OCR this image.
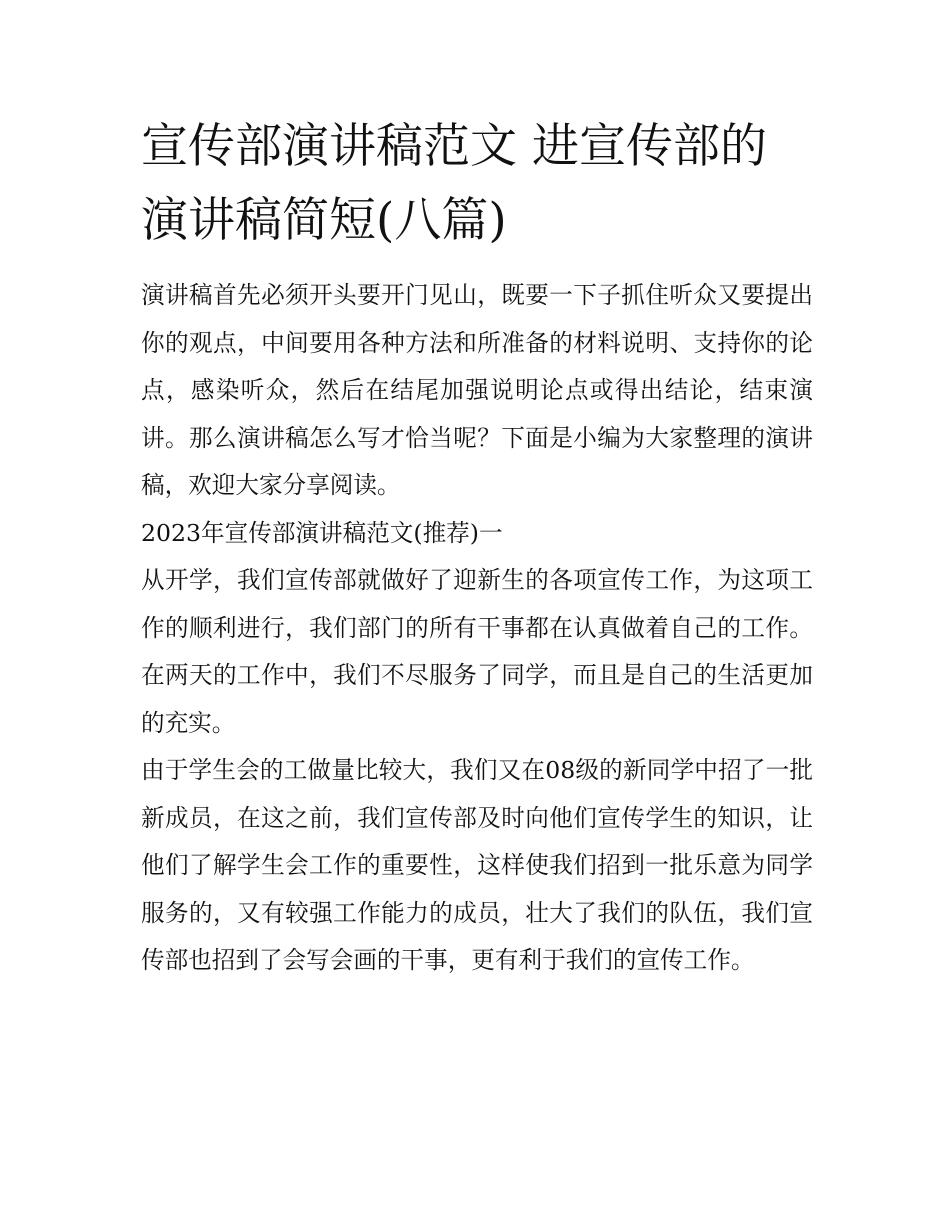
宣传部演讲稿范文 进宣传部的演讲稿简短(八篇)

演讲稿首先必须开头要开门见山，既要一下子抓住听众又要提出你的观点，中间要用各种方法和所准备的材料说明、支持你的论点，感染听众，然后在结尾加强说明论点或得出结论，结束演讲。那么演讲稿怎么写才恰当呢？下面是小编为大家整理的演讲稿，欢迎大家分享阅读。

2023年宣传部演讲稿范文(推荐)一

从开学，我们宣传部就做好了迎新生的各项宣传工作，为这项工作的顺利进行，我们部门的所有干事都在认真做着自己的工作。在两天的工作中，我们不尽服务了同学，而且是自己的生活更加的充实。

由于学生会的工做量比较大，我们又在08级的新同学中招了一批新成员，在这之前，我们宣传部及时向他们宣传学生的知识，让他们了解学生会工作的重要性，这样使我们招到一批乐意为同学服务的，又有较强工作能力的成员，壮大了我们的队伍，我们宣传部也招到了会写会画的干事，更有利于我们的宣传工作。
